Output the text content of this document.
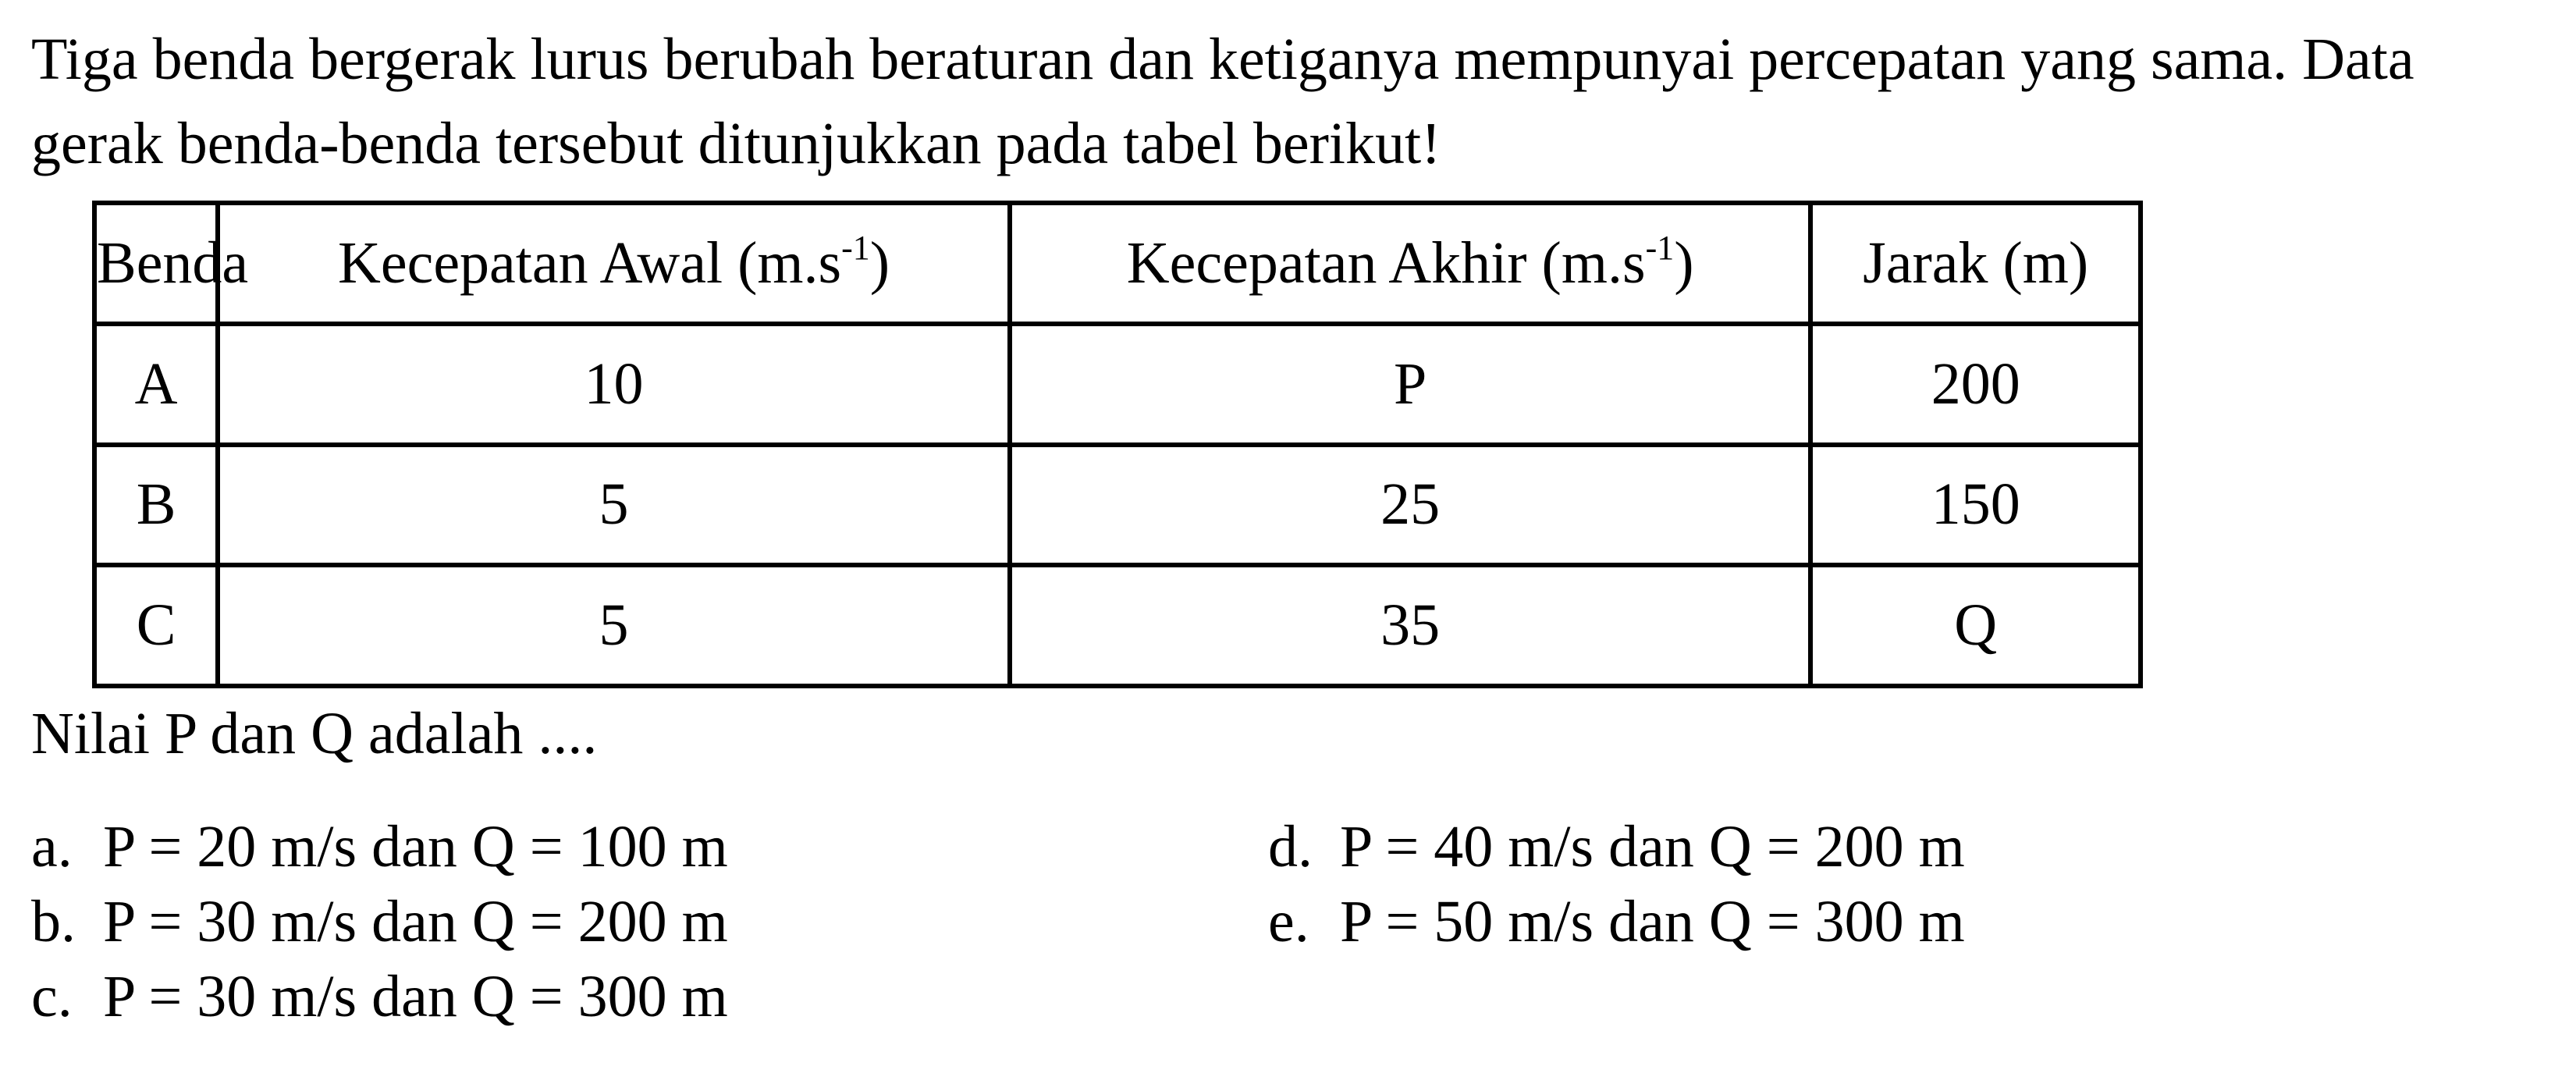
Tiga benda bergerak lurus berubah beraturan dan ketiganya mempunyai percepatan yang sama. Data gerak benda-benda tersebut ditunjukkan pada tabel berikut!

Benda	Kecepatan Awal $(m.s^{-1})$	Kecepatan Akhir $(m.s^{-1})$	Jarak (m)
A	10	P	200
B	5	25	150
C	5	35	Q

Nilai P dan Q adalah ....

a. P = 20 m/s dan Q = 100 m

b. P = 30 m/s dan Q = 200 m

c. P = 30 m/s dan Q = 300 m

d. P = 40 m/s dan Q = 200 m

e. P = 50 m/s dan Q = 300 m
